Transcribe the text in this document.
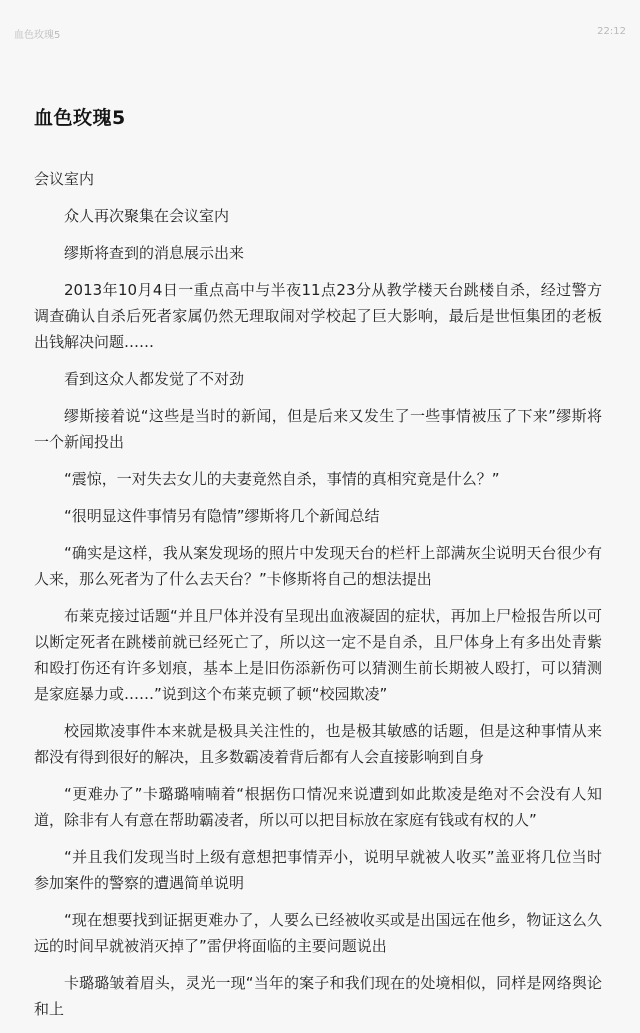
血色玫瑰5	22:12
血色玫瑰5

会议室内

众人再次聚集在会议室内

缪斯将查到的消息展示出来

2013年10月4日一重点高中与半夜11点23分从教学楼天台跳楼自杀，经过警方调查确认自杀后死者家属仍然无理取闹对学校起了巨大影响，最后是世恒集团的老板出钱解决问题……

看到这众人都发觉了不对劲

缪斯接着说“这些是当时的新闻，但是后来又发生了一些事情被压了下来”缪斯将一个新闻投出

“震惊，一对失去女儿的夫妻竟然自杀，事情的真相究竟是什么？”

“很明显这件事情另有隐情”缪斯将几个新闻总结

“确实是这样，我从案发现场的照片中发现天台的栏杆上部满灰尘说明天台很少有人来，那么死者为了什么去天台？”卡修斯将自己的想法提出

布莱克接过话题“并且尸体并没有呈现出血液凝固的症状，再加上尸检报告所以可以断定死者在跳楼前就已经死亡了，所以这一定不是自杀，且尸体身上有多出处青紫和殴打伤还有许多划痕，基本上是旧伤添新伤可以猜测生前长期被人殴打，可以猜测是家庭暴力或……”说到这个布莱克顿了顿“校园欺凌”

校园欺凌事件本来就是极具关注性的，也是极其敏感的话题，但是这种事情从来都没有得到很好的解决，且多数霸凌着背后都有人会直接影响到自身

“更难办了”卡璐璐喃喃着“根据伤口情况来说遭到如此欺凌是绝对不会没有人知道，除非有人有意在帮助霸凌者，所以可以把目标放在家庭有钱或有权的人”

“并且我们发现当时上级有意想把事情弄小，说明早就被人收买”盖亚将几位当时参加案件的警察的遭遇简单说明

“现在想要找到证据更难办了，人要么已经被收买或是出国远在他乡，物证这么久远的时间早就被消灭掉了”雷伊将面临的主要问题说出

卡璐璐皱着眉头，灵光一现“当年的案子和我们现在的处境相似，同样是网络舆论和上
